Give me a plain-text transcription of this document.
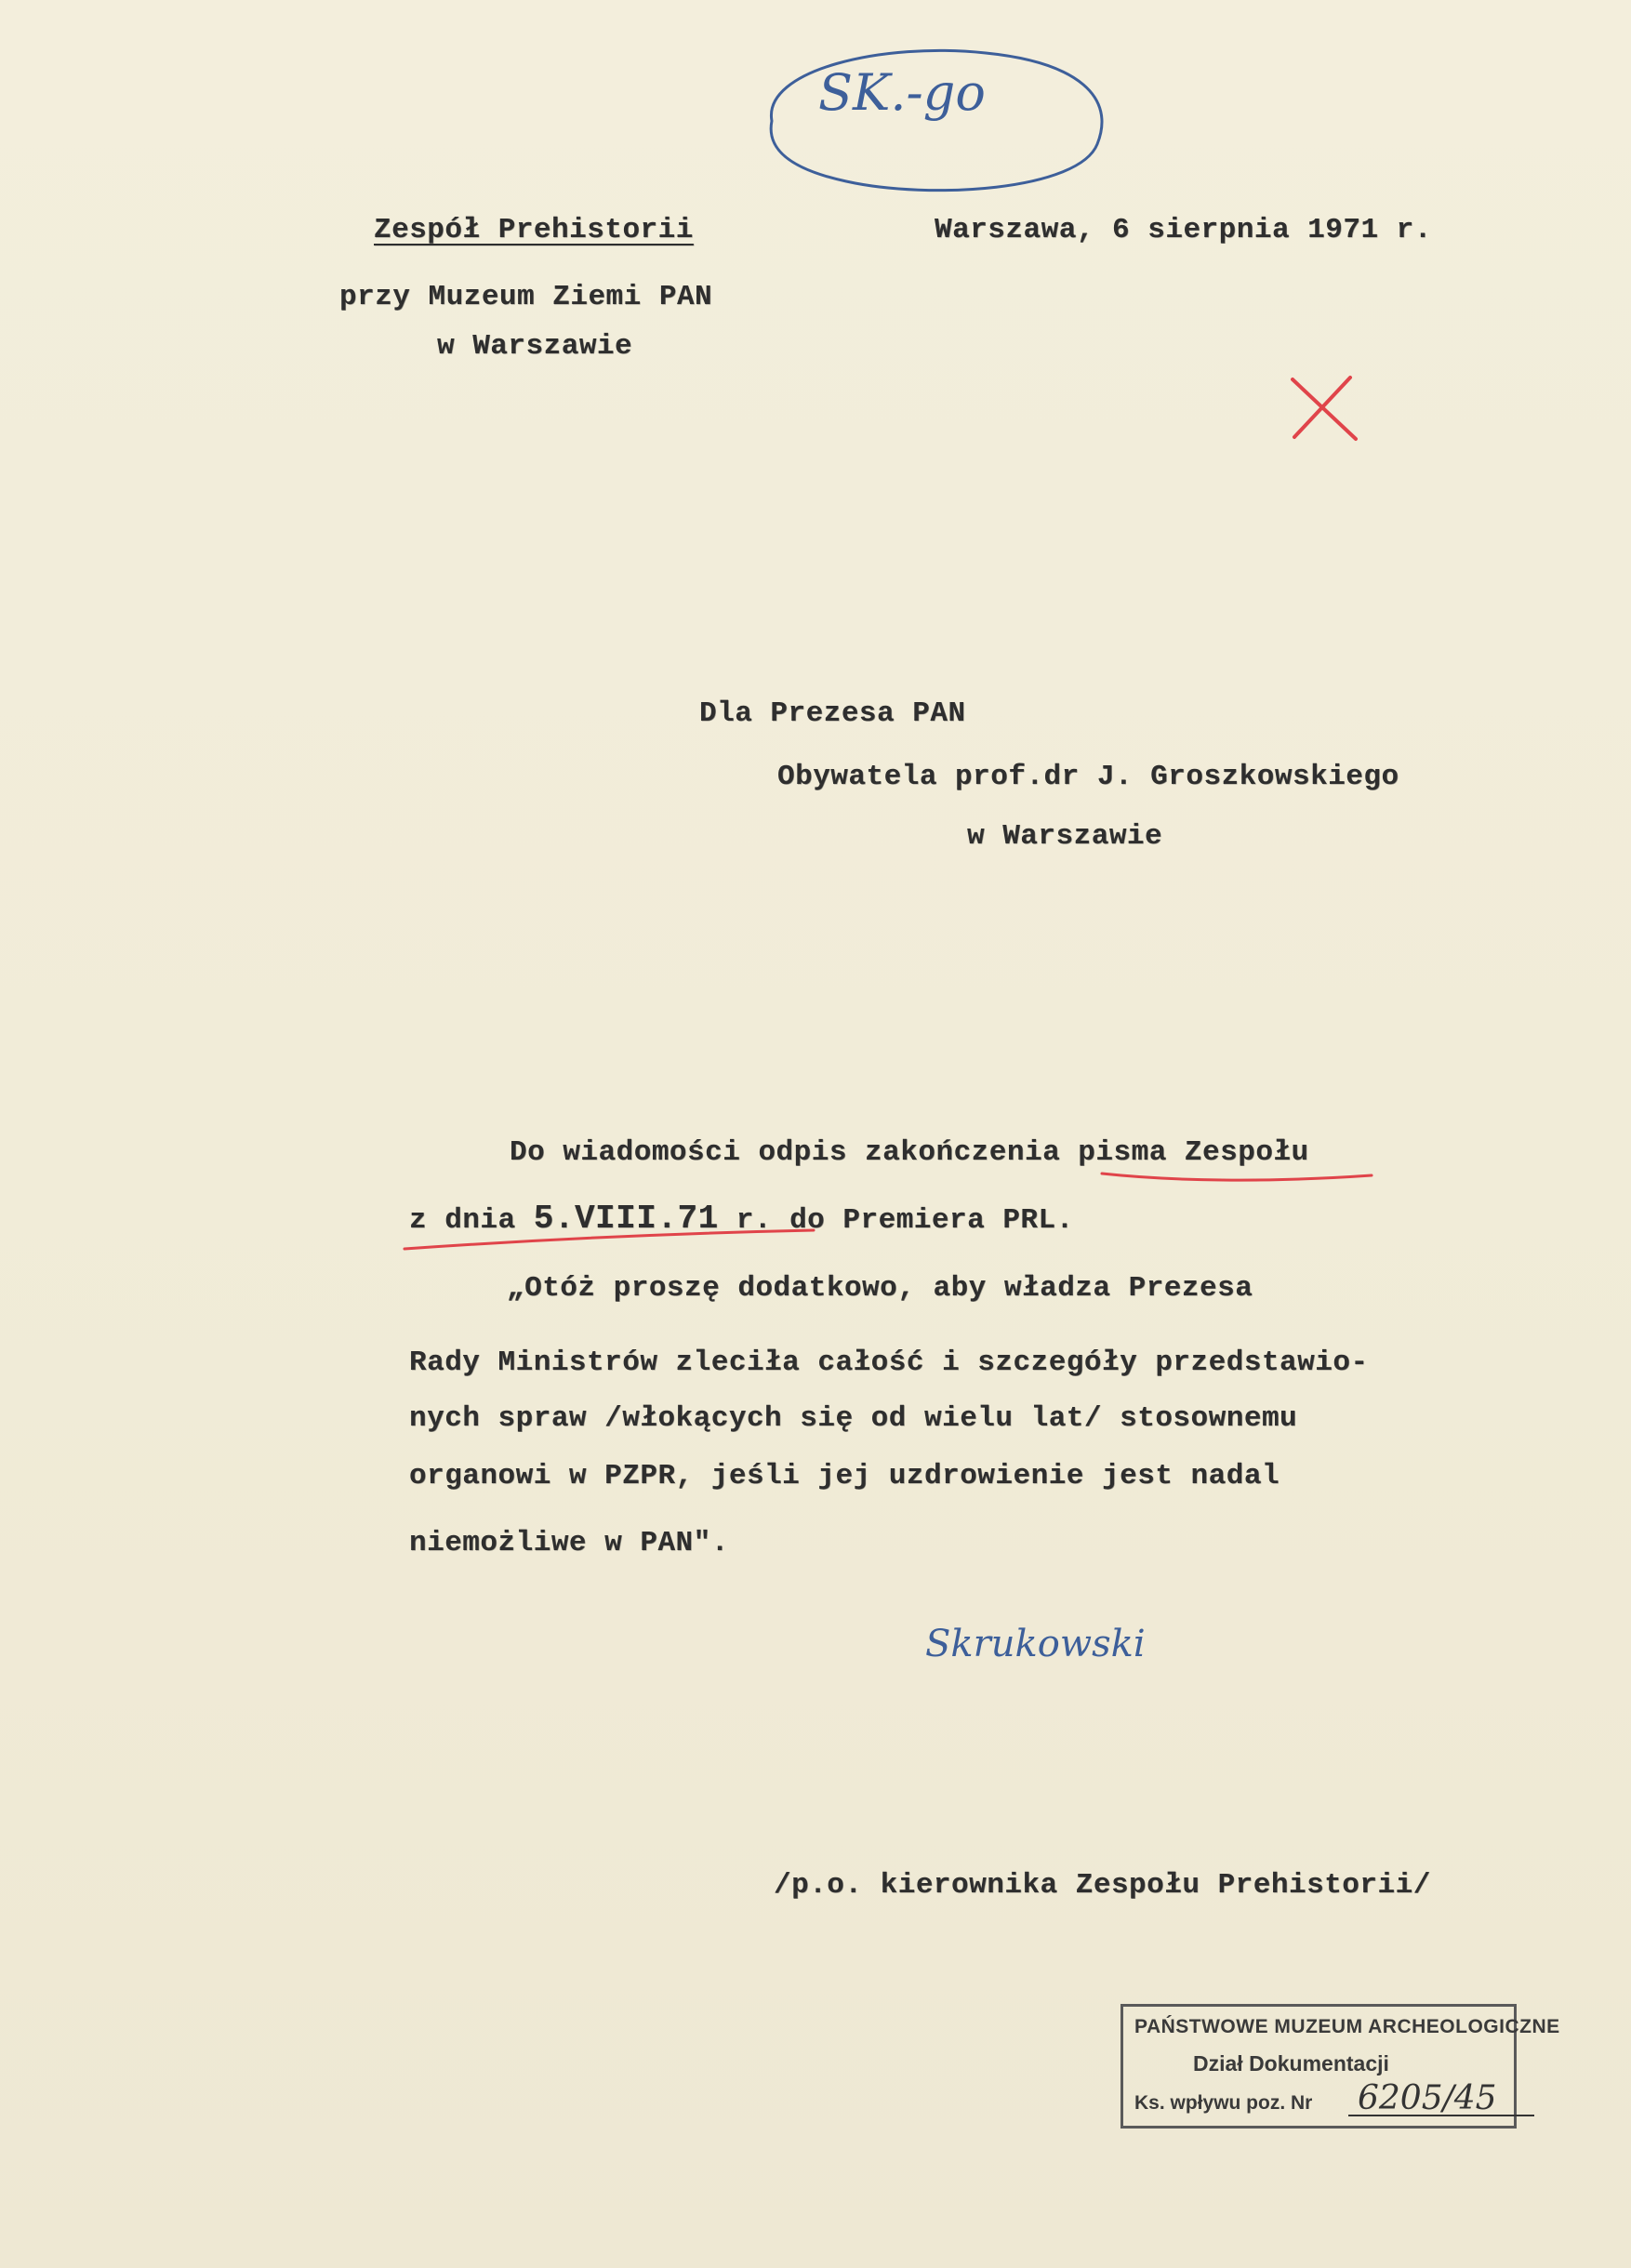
SK.-go
Zespół Prehistorii
przy Muzeum Ziemi PAN
w Warszawie
Warszawa, 6 sierpnia 1971 r.
Dla Prezesa PAN
Obywatela prof.dr J. Groszkowskiego
w Warszawie
Do wiadomości odpis zakończenia pisma Zespołu
z dnia 5.VIII.71 r. do Premiera PRL.
„Otóż proszę dodatkowo, aby władza Prezesa
Rady Ministrów zleciła całość i szczegóły przedstawio-
nych spraw /włokących się od wielu lat/ stosownemu
organowi w PZPR, jeśli jej uzdrowienie jest nadal
niemożliwe w PAN".
Skrukowski
/p.o. kierownika Zespołu Prehistorii/
PAŃSTWOWE MUZEUM ARCHEOLOGICZNE
Dział Dokumentacji
Ks. wpływu poz. Nr 6205/45
